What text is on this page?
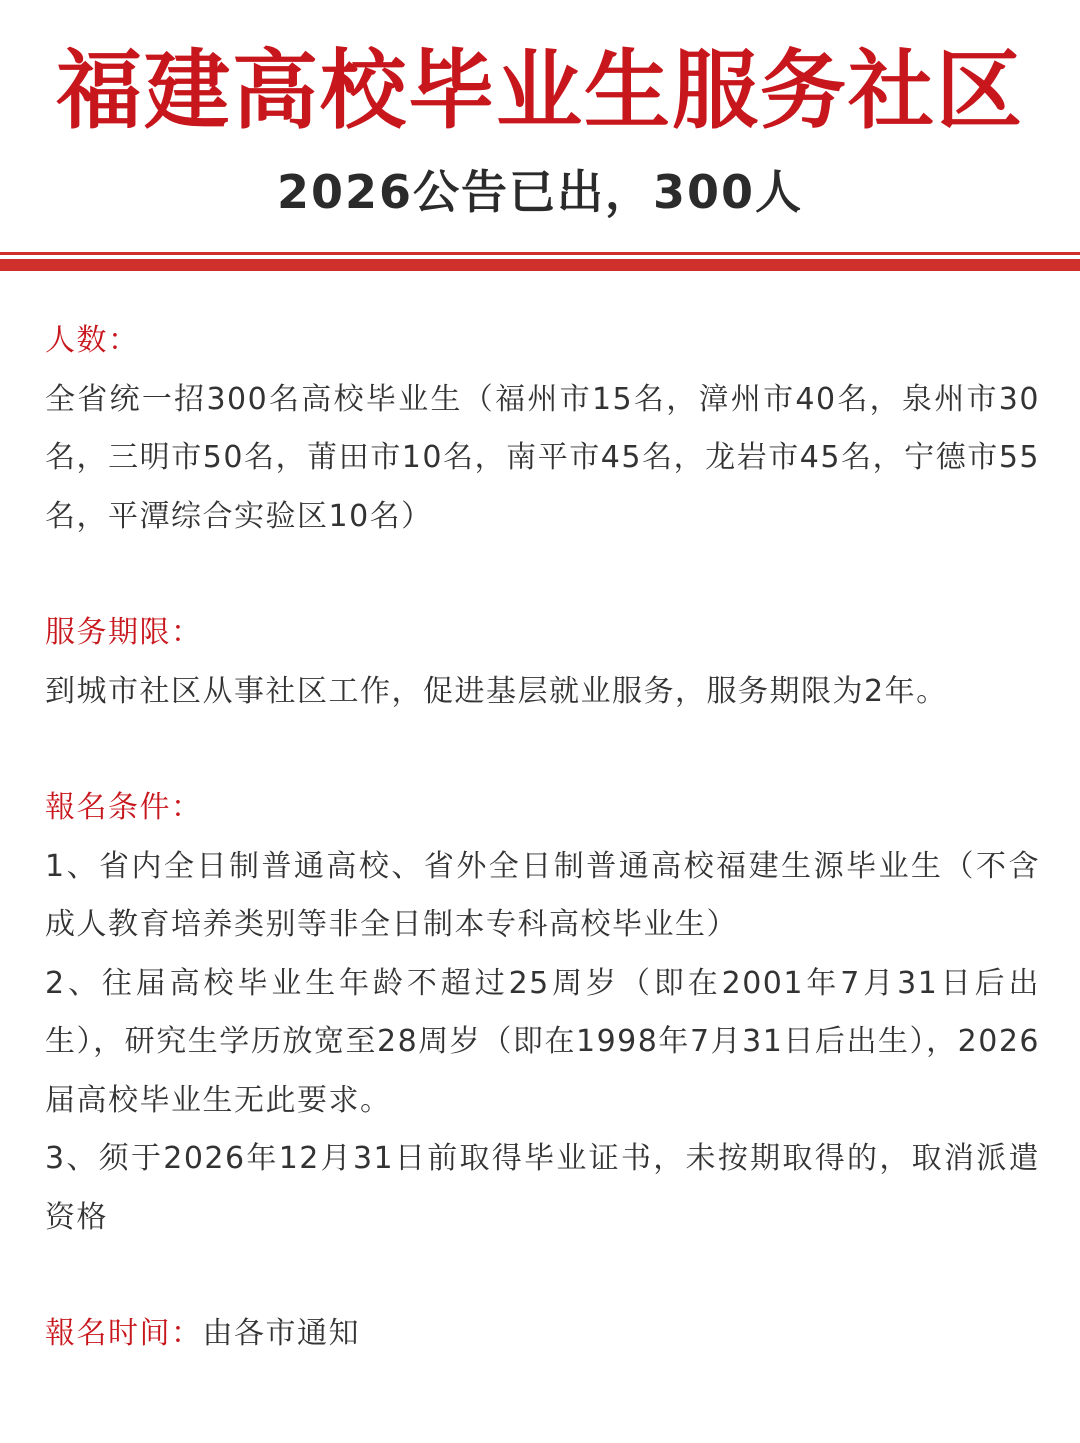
福建高校毕业生服务社区
2026公告已出，300人

人数：

全省统一招300名高校毕业生（福州市15名，漳州市40名，泉州市30名，三明市50名，莆田市10名，南平市45名，龙岩市45名，宁德市55名，平潭综合实验区10名）

服务期限：

到城市社区从事社区工作，促进基层就业服务，服务期限为2年。

報名条件：

1、省内全日制普通高校、省外全日制普通高校福建生源毕业生（不含成人教育培养类别等非全日制本专科高校毕业生）

2、往届高校毕业生年龄不超过25周岁（即在2001年7月31日后出生），研究生学历放宽至28周岁（即在1998年7月31日后出生），2026届高校毕业生无此要求。

3、须于2026年12月31日前取得毕业证书，未按期取得的，取消派遣资格

報名时间：由各市通知
